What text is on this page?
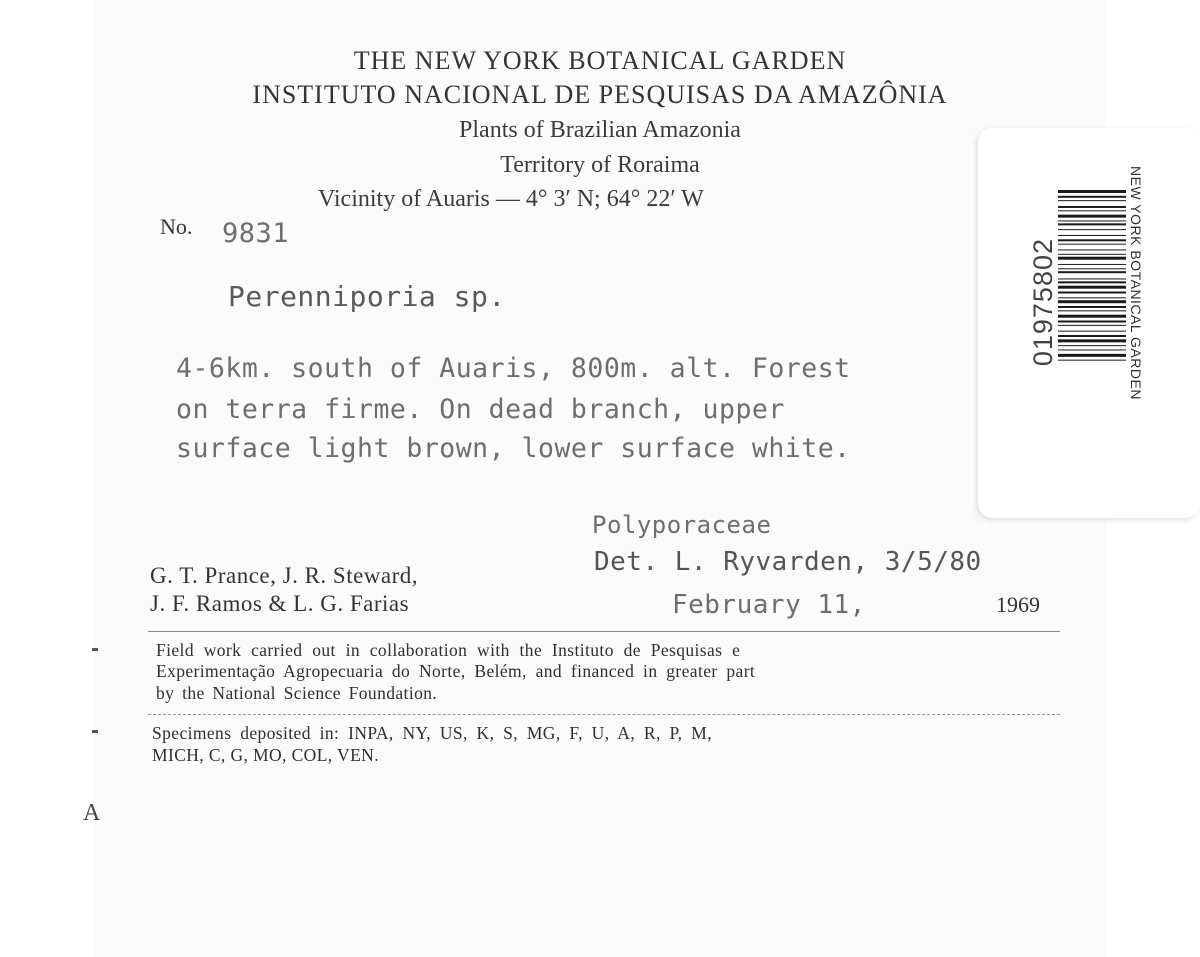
THE NEW YORK BOTANICAL GARDEN
INSTITUTO NACIONAL DE PESQUISAS DA AMAZÔNIA
Plants of Brazilian Amazonia
Territory of Roraima
Vicinity of Auaris — 4° 3′ N; 64° 22′ W
No. 9831
Perenniporia sp.
4-6km. south of Auaris, 800m. alt. Forest
on terra firme. On dead branch, upper
surface light brown, lower surface white.
Polyporaceae
Det. L. Ryvarden, 3/5/80
G. T. Prance, J. R. Steward,
J. F. Ramos & L. G. Farias	February 11,	1969
Field work carried out in collaboration with the Instituto de Pesquisas e
Experimentação Agropecuaria do Norte, Belém, and financed in greater part
by the National Science Foundation.
Specimens deposited in: INPA, NY, US, K, S, MG, F, U, A, R, P, M,
MICH, C, G, MO, COL, VEN.
A
01975802	NEW YORK BOTANICAL GARDEN
